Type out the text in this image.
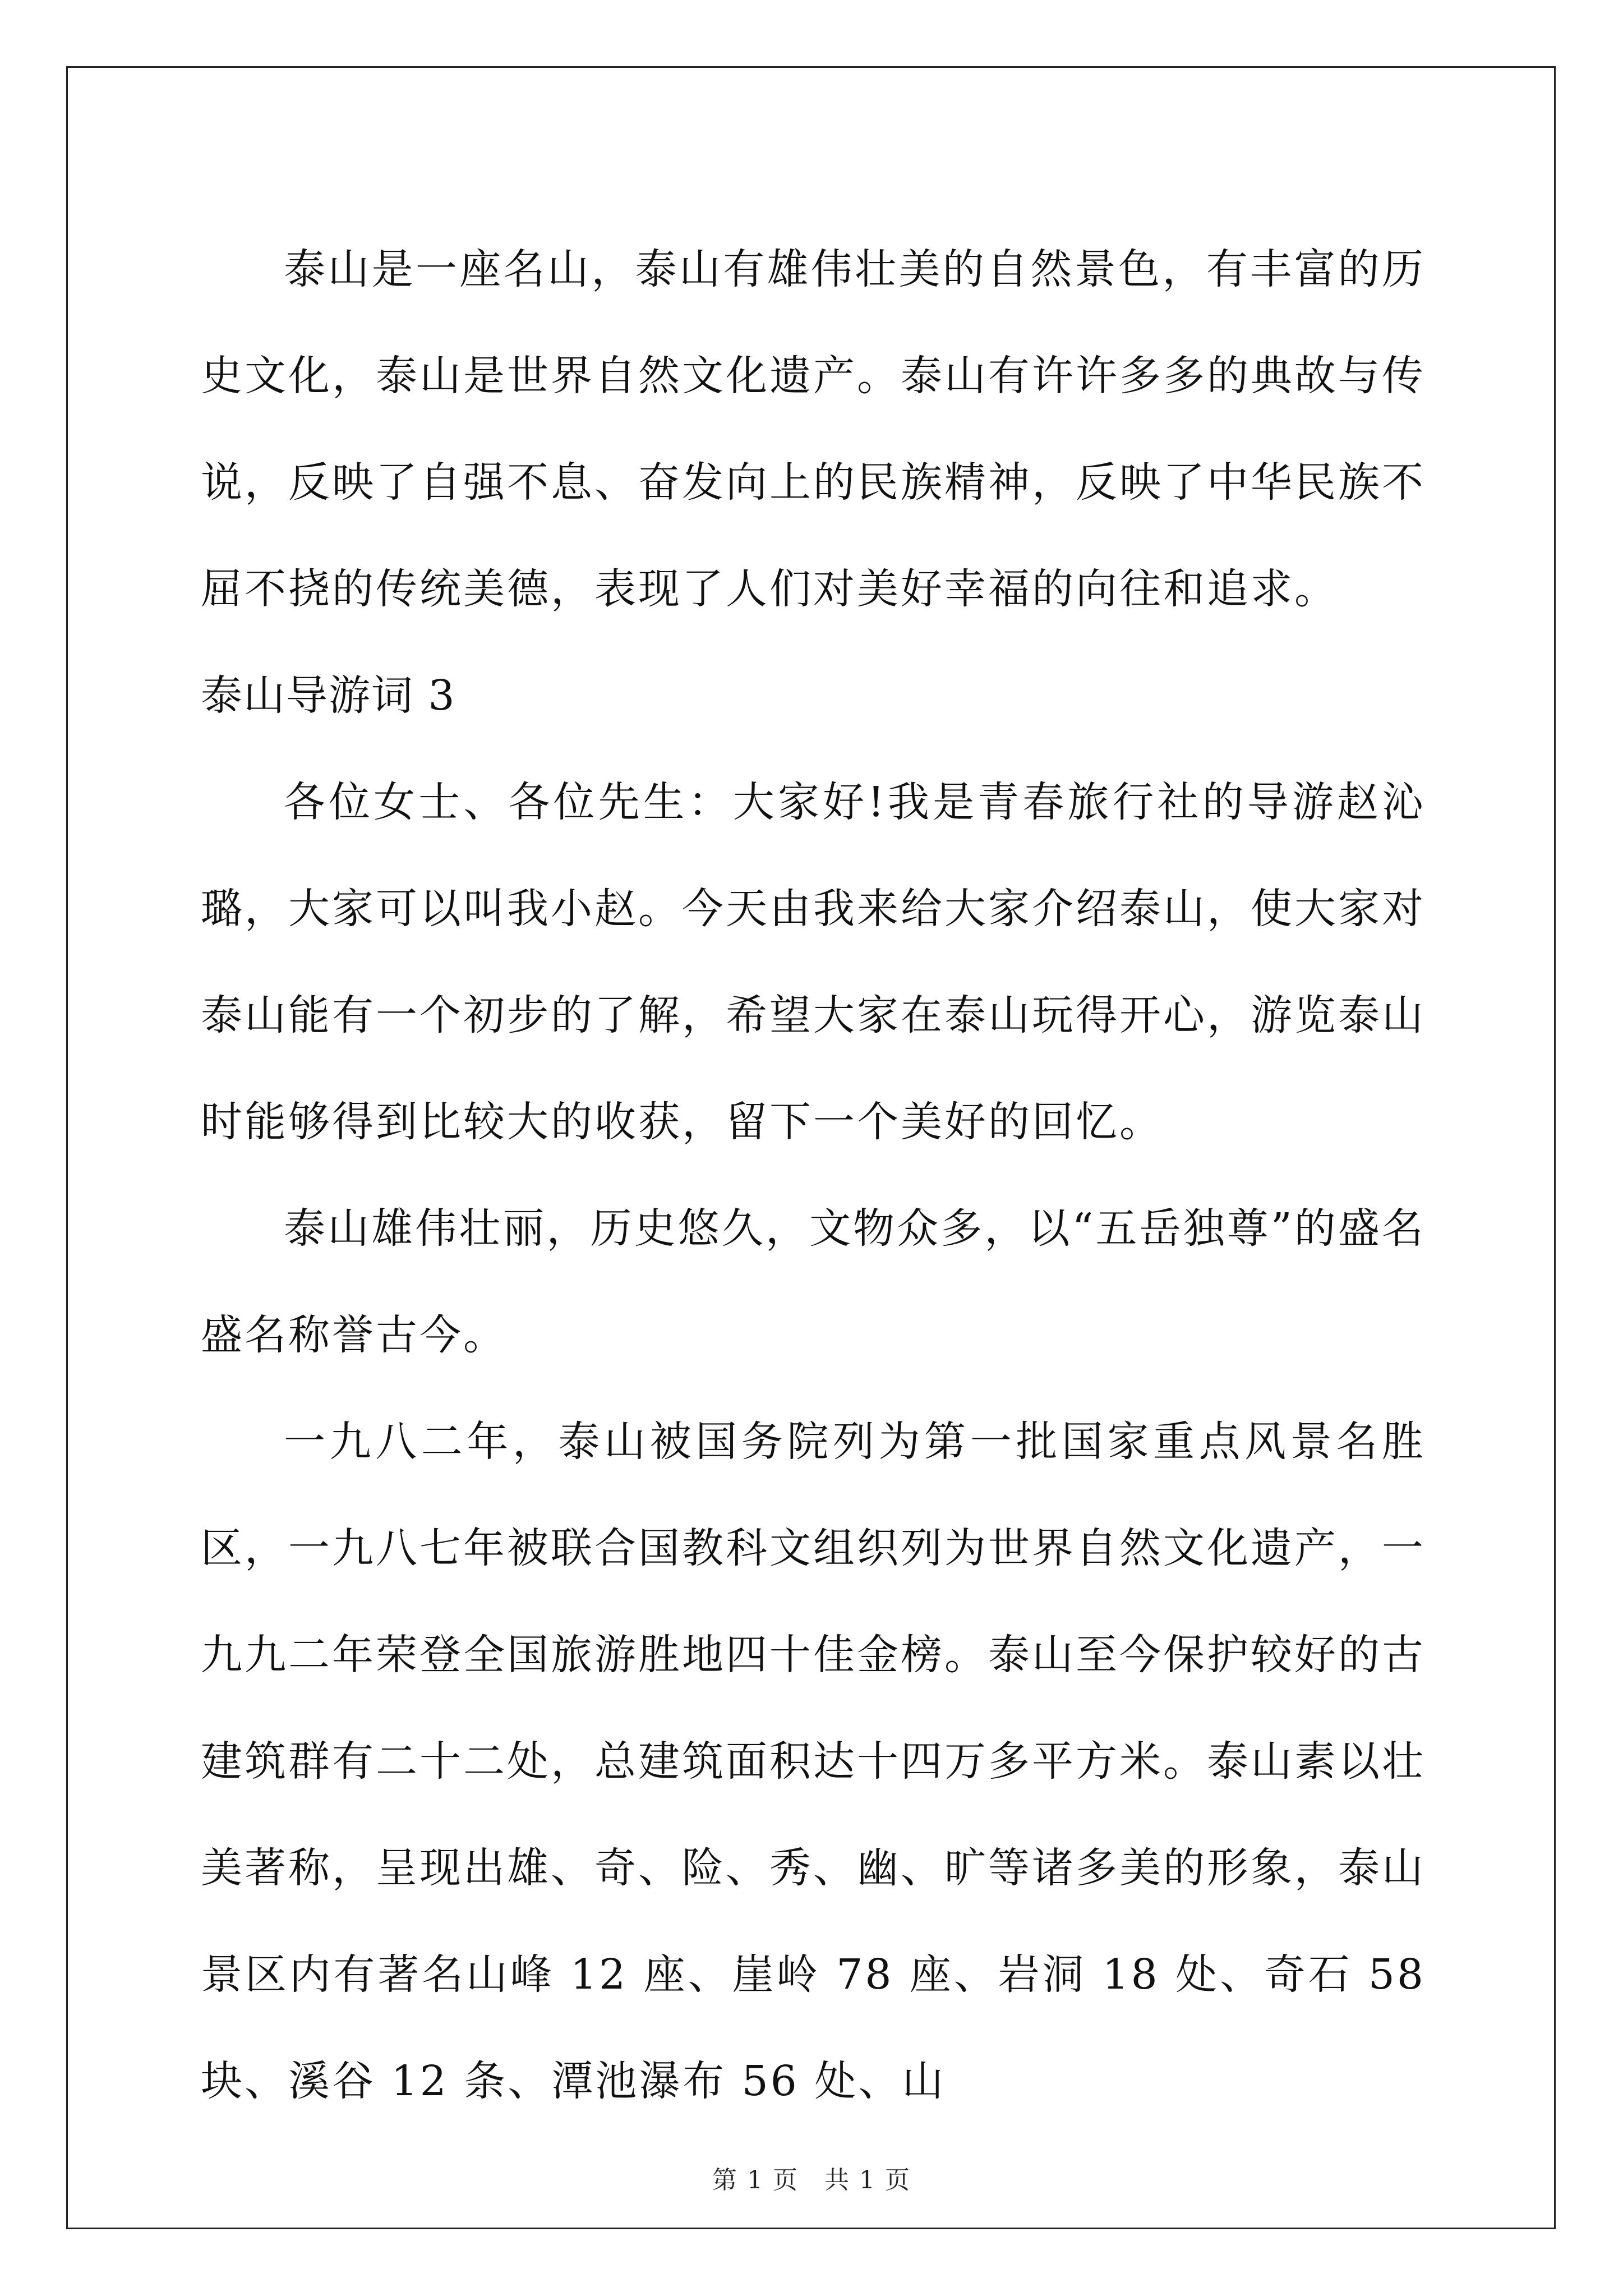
泰山是一座名山，泰山有雄伟壮美的自然景色，有丰富的历史文化，泰山是世界自然文化遗产。泰山有许许多多的典故与传说，反映了自强不息、奋发向上的民族精神，反映了中华民族不屈不挠的传统美德，表现了人们对美好幸福的向往和追求。

泰山导游词 3

各位女士、各位先生：大家好!我是青春旅行社的导游赵沁璐，大家可以叫我小赵。今天由我来给大家介绍泰山，使大家对泰山能有一个初步的了解，希望大家在泰山玩得开心，游览泰山时能够得到比较大的收获，留下一个美好的回忆。

泰山雄伟壮丽，历史悠久，文物众多，以“五岳独尊”的盛名盛名称誉古今。

一九八二年，泰山被国务院列为第一批国家重点风景名胜区，一九八七年被联合国教科文组织列为世界自然文化遗产，一九九二年荣登全国旅游胜地四十佳金榜。泰山至今保护较好的古建筑群有二十二处，总建筑面积达十四万多平方米。泰山素以壮美著称，呈现出雄、奇、险、秀、幽、旷等诸多美的形象，泰山景区内有著名山峰 12 座、崖岭 78 座、岩洞 18 处、奇石 58 块、溪谷 12 条、潭池瀑布 56 处、山

第 1 页　共 1 页
